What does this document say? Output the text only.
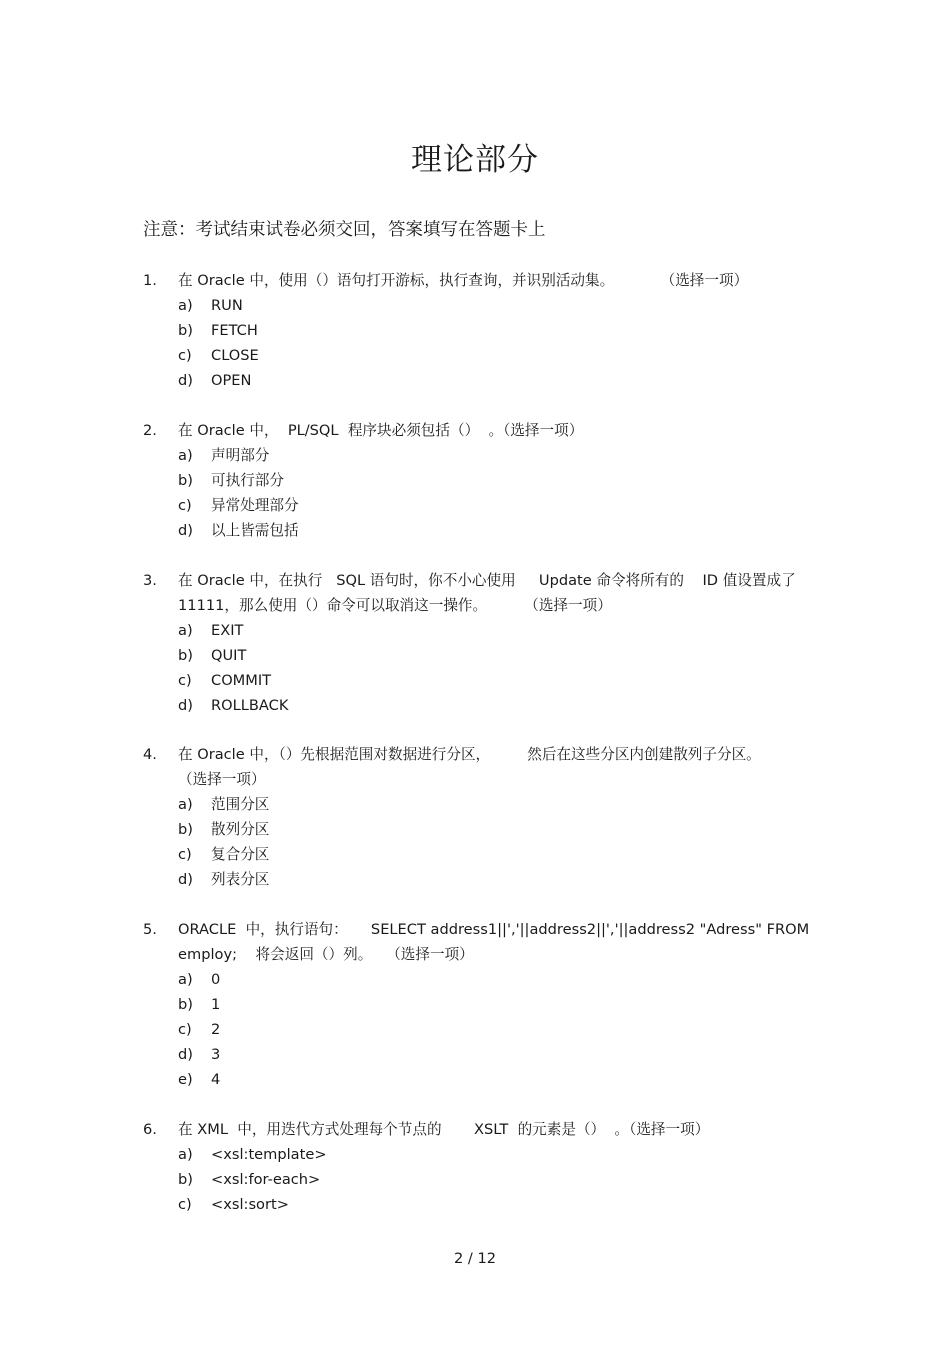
理论部分
注意：考试结束试卷必须交回，答案填写在答题卡上
1. 在 Oracle 中，使用（）语句打开游标，执行查询，并识别活动集。          （选择一项）
a) RUN
b) FETCH
c) CLOSE
d) OPEN
2. 在 Oracle 中，  PL/SQL  程序块必须包括（）  。（选择一项）
a) 声明部分
b) 可执行部分
c) 异常处理部分
d) 以上皆需包括
3. 在 Oracle 中，在执行   SQL 语句时，你不小心使用     Update 命令将所有的    ID 值设置成了 11111，那么使用（）命令可以取消这一操作。        （选择一项）
a) EXIT
b) QUIT
c) COMMIT
d) ROLLBACK
4. 在 Oracle 中，（）先根据范围对数据进行分区，        然后在这些分区内创建散列子分区。      （选择一项）
a) 范围分区
b) 散列分区
c) 复合分区
d) 列表分区
5. ORACLE  中，执行语句：     SELECT address1||','||address2||','||address2 "Adress" FROM employ;    将会返回（）列。   （选择一项）
a) 0
b) 1
c) 2
d) 3
e) 4
6. 在 XML  中，用迭代方式处理每个节点的       XSLT  的元素是（）  。（选择一项）
a) <xsl:template>
b) <xsl:for-each>
c) <xsl:sort>
2 / 12
